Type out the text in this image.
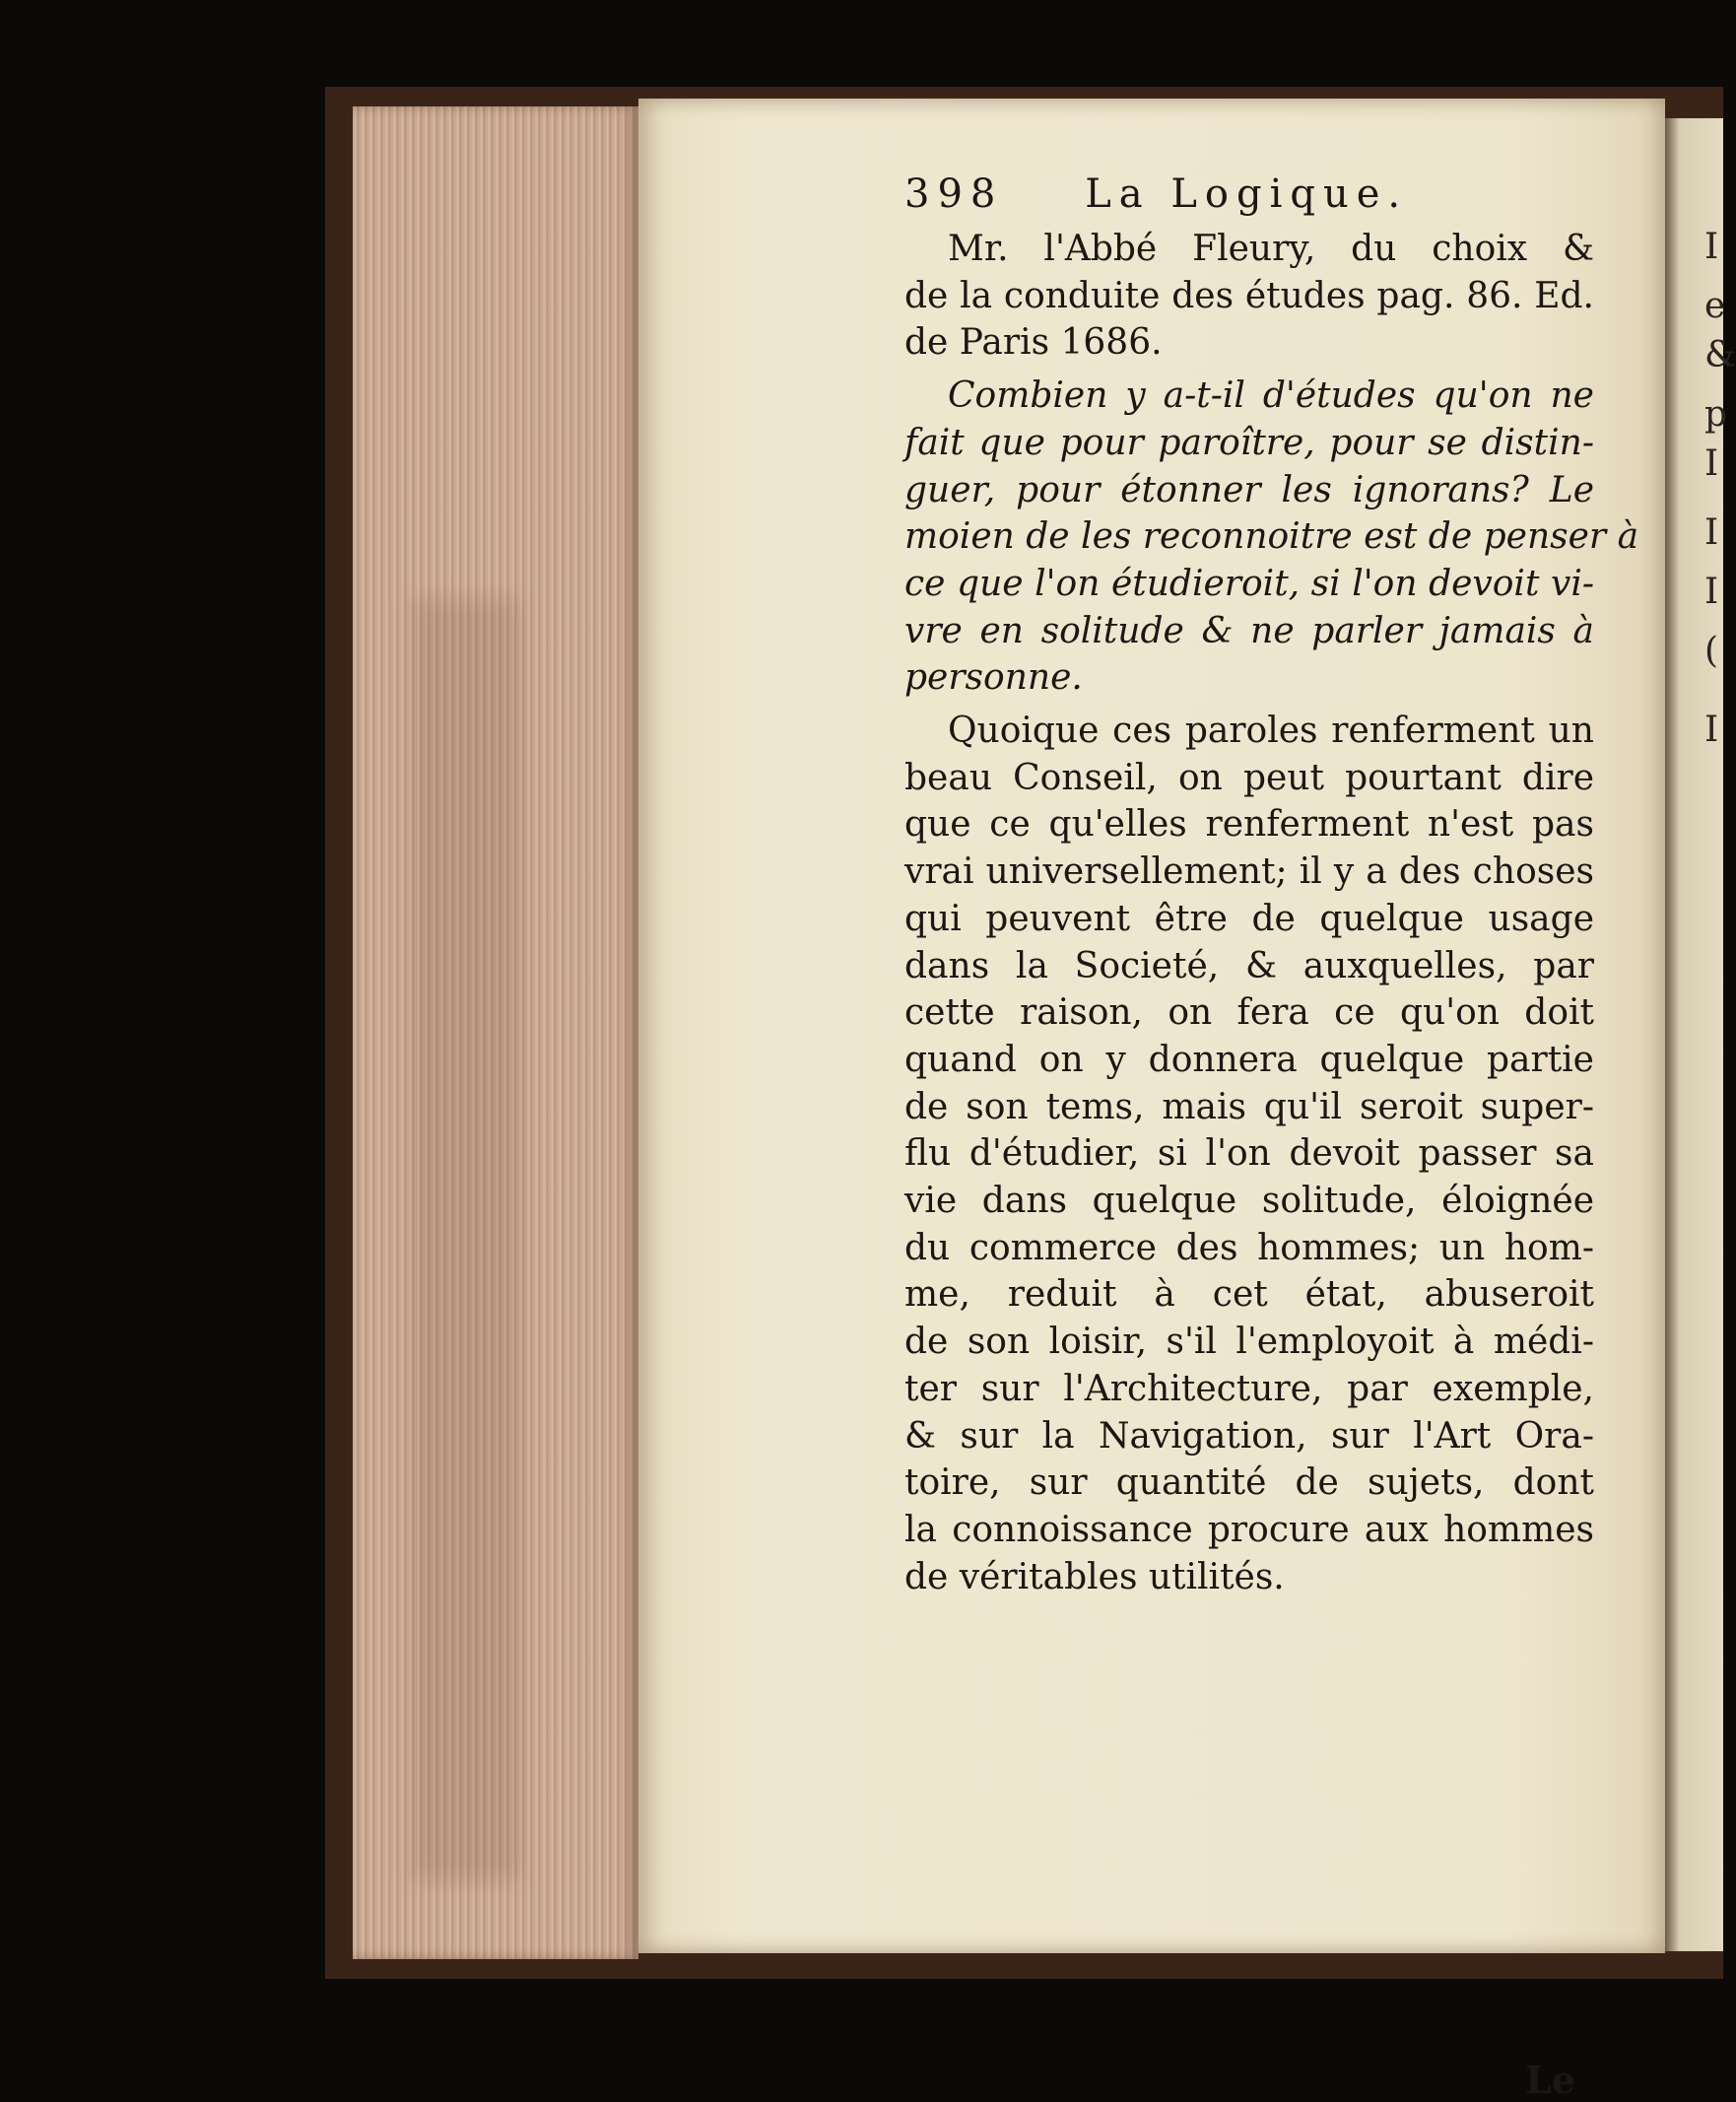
I
e
&
p
I
I
I
(
I
398    La Logique.
Mr. l'Abbé Fleury, du choix &
de la conduite des études pag. 86. Ed.
de Paris 1686.
Combien y a-t-il d'études qu'on ne
fait que pour paroître, pour se distin-
guer, pour étonner les ignorans? Le
moien de les reconnoitre est de penser à
ce que l'on étudieroit, si l'on devoit vi-
vre en solitude & ne parler jamais à
personne.
Quoique ces paroles renferment un
beau Conseil, on peut pourtant dire
que ce qu'elles renferment n'est pas
vrai universellement; il y a des choses
qui peuvent être de quelque usage
dans la Societé, & auxquelles, par
cette raison, on fera ce qu'on doit
quand on y donnera quelque partie
de son tems, mais qu'il seroit super-
flu d'étudier, si l'on devoit passer sa
vie dans quelque solitude, éloignée
du commerce des hommes; un hom-
me, reduit à cet état, abuseroit
de son loisir, s'il l'employoit à médi-
ter sur l'Architecture, par exemple,
& sur la Navigation, sur l'Art Ora-
toire, sur quantité de sujets, dont
la connoissance procure aux hommes
de véritables utilités.
Le
